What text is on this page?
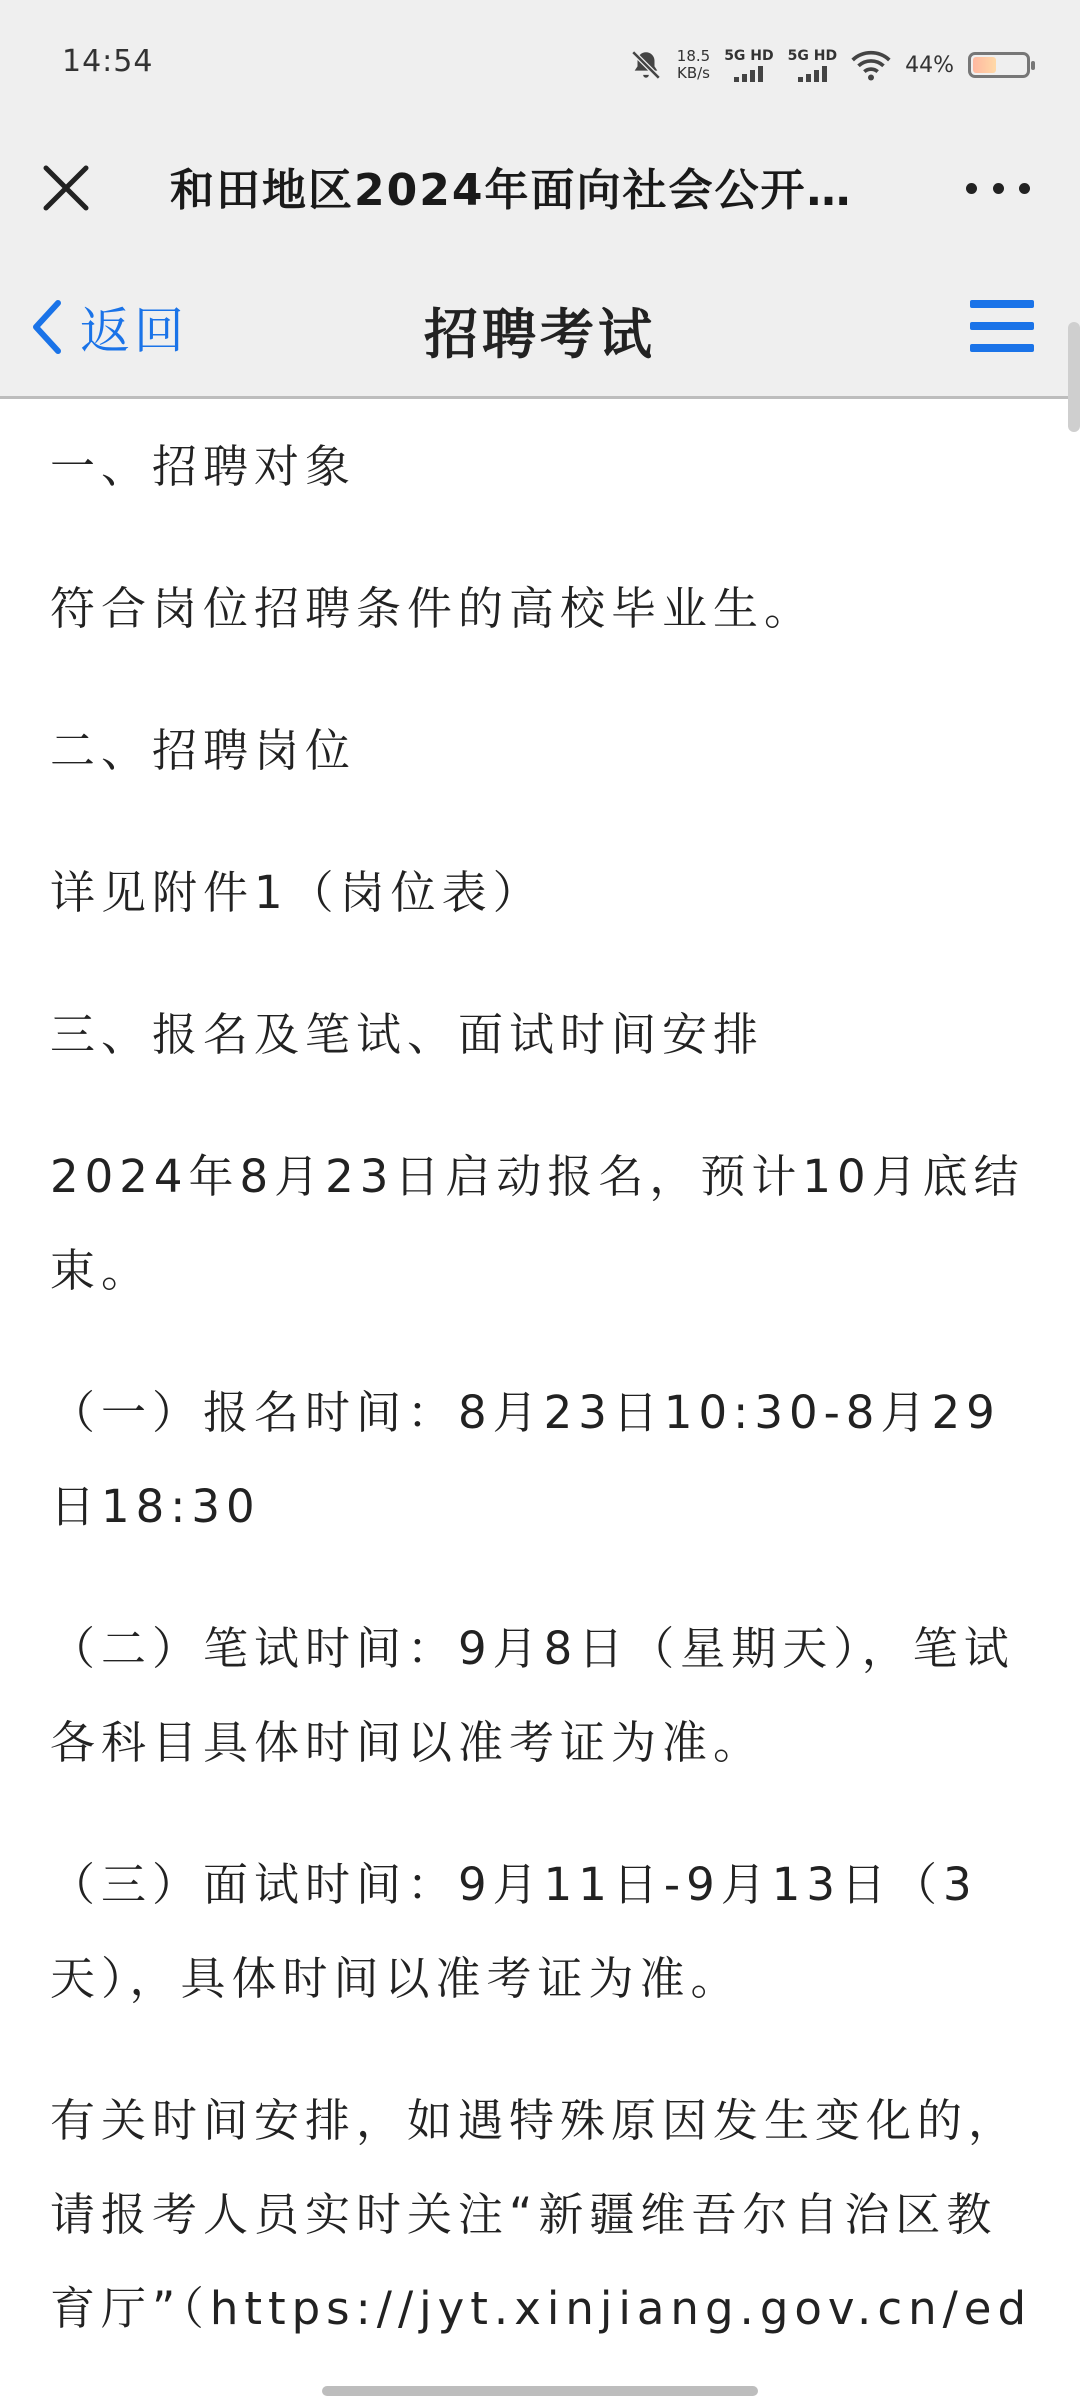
14:54	18.5
KB/s
5G HD 5G HD	44%
和田地区2024年面向社会公开…
返回	招聘考试

一、招聘对象

符合岗位招聘条件的高校毕业生。

二、招聘岗位

详见附件1（岗位表）

三、报名及笔试、面试时间安排

2024年8月23日启动报名，预计10月底结束。

（一）报名时间：8月23日10:30-8月29日18:30

（二）笔试时间：9月8日（星期天），笔试各科目具体时间以准考证为准。

（三）面试时间：9月11日-9月13日（3天），具体时间以准考证为准。

有关时间安排，如遇特殊原因发生变化的，请报考人员实时关注“新疆维吾尔自治区教育厅”（https://jyt.xinjiang.gov.cn/ed
